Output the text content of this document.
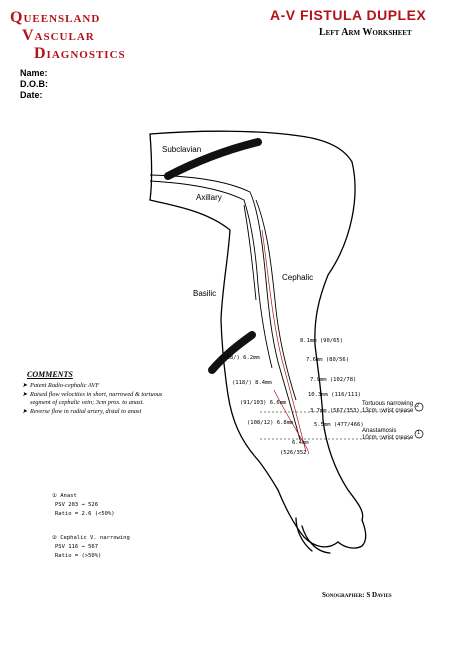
Queensland
Vascular
Diagnostics
A-V FISTULA DUPLEX
Left Arm Worksheet
Name:
D.O.B:
Date:
Subclavian
Axillary
Cephalic
Basilic
8.1mm (90/65)
7.6mm (80/56)
7.9mm (102/78)
10.3mm (116/111)
3.7mm (567/353)
5.5mm (477/466)
6.4mm
(526/352)
(138/) 6.2mm
(118/) 8.4mm
(91/103) 6.6mm
(108/12) 6.8mm
Tortuous narrowing
13cm ↑wrist crease
2
Anastamosis
10cm ↑wrist crease
1
COMMENTS
➤ Patent Radio-cephalic AVF
➤ Raised flow velocities in short, narrowed & tortuous segment of cephalic vein; 3cm prox. to anast.
➤ Reverse flow in radial artery, distal to anast
① Anast
PSV 203 → 526
Ratio = 2.6 (<50%)
② Cephalic V. narrowing
PSV 116 → 567
Ratio = (>50%)
Sonographer: S Davies
